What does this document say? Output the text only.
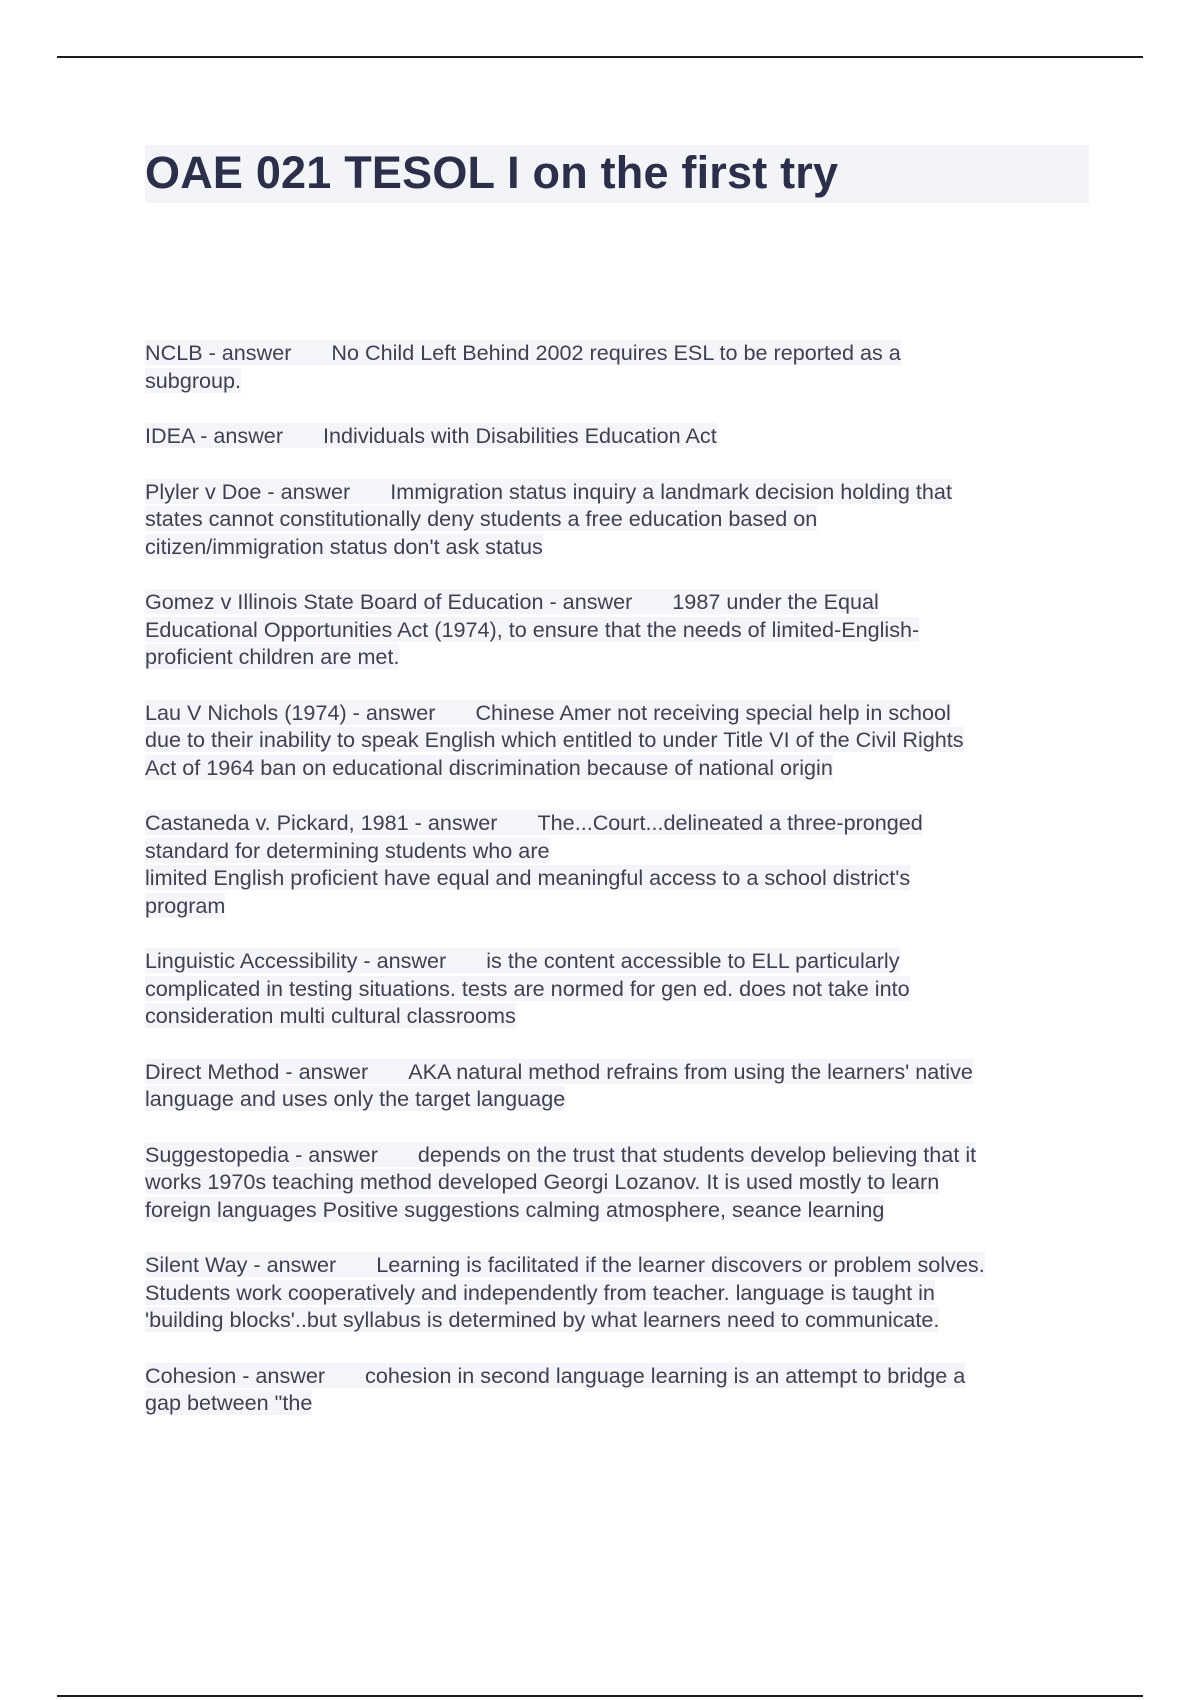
OAE 021 TESOL I on the first try

NCLB - answer No Child Left Behind 2002 requires ESL to be reported as a
subgroup.

IDEA - answer Individuals with Disabilities Education Act

Plyler v Doe - answer Immigration status inquiry a landmark decision holding that
states cannot constitutionally deny students a free education based on
citizen/immigration status don't ask status

Gomez v Illinois State Board of Education - answer 1987 under the Equal
Educational Opportunities Act (1974), to ensure that the needs of limited-English-
proficient children are met.

Lau V Nichols (1974) - answer Chinese Amer not receiving special help in school
due to their inability to speak English which entitled to under Title VI of the Civil Rights
Act of 1964 ban on educational discrimination because of national origin

Castaneda v. Pickard, 1981 - answer The...Court...delineated a three-pronged
standard for determining students who are
limited English proficient have equal and meaningful access to a school district's
program

Linguistic Accessibility - answer is the content accessible to ELL particularly
complicated in testing situations. tests are normed for gen ed. does not take into
consideration multi cultural classrooms

Direct Method - answer AKA natural method refrains from using the learners' native
language and uses only the target language

Suggestopedia - answer depends on the trust that students develop believing that it
works 1970s teaching method developed Georgi Lozanov. It is used mostly to learn
foreign languages Positive suggestions calming atmosphere, seance learning

Silent Way - answer Learning is facilitated if the learner discovers or problem solves.
Students work cooperatively and independently from teacher. language is taught in
'building blocks'..but syllabus is determined by what learners need to communicate.

Cohesion - answer cohesion in second language learning is an attempt to bridge a
gap between "the
